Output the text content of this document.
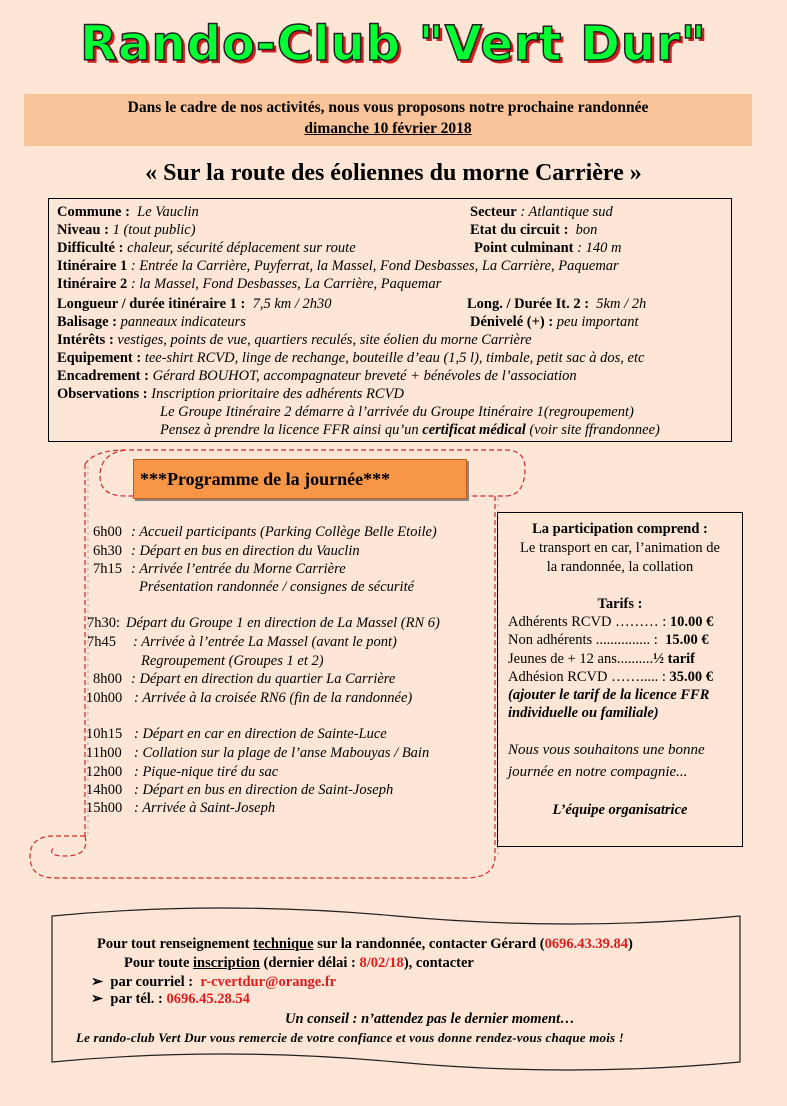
Rando-Club "Vert Dur"
Dans le cadre de nos activités, nous vous proposons notre prochaine randonnée
dimanche 10 février 2018
« Sur la route des éoliennes du morne Carrière »
Commune : Le Vauclin	Secteur : Atlantique sud
Niveau : 1 (tout public)	Etat du circuit : bon
Difficulté : chaleur, sécurité déplacement sur route	Point culminant : 140 m
Itinéraire 1 : Entrée la Carrière, Puyferrat, la Massel, Fond Desbasses, La Carrière, Paquemar
Itinéraire 2 : la Massel, Fond Desbasses, La Carrière, Paquemar
Longueur / durée itinéraire 1 : 7,5 km / 2h30	Long. / Durée It. 2 : 5km / 2h
Balisage : panneaux indicateurs	Dénivelé (+) : peu important
Intérêts : vestiges, points de vue, quartiers reculés, site éolien du morne Carrière
Equipement : tee-shirt RCVD, linge de rechange, bouteille d’eau (1,5 l), timbale, petit sac à dos, etc
Encadrement : Gérard BOUHOT, accompagnateur breveté + bénévoles de l’association
Observations : Inscription prioritaire des adhérents RCVD
Le Groupe Itinéraire 2 démarre à l’arrivée du Groupe Itinéraire 1(regroupement)
Pensez à prendre la licence FFR ainsi qu’un certificat médical (voir site ffrandonnee)
***Programme de la journée***
6h00 : Accueil participants (Parking Collège Belle Etoile)
6h30 : Départ en bus en direction du Vauclin
7h15 : Arrivée l’entrée du Morne Carrière
Présentation randonnée / consignes de sécurité
7h30: Départ du Groupe 1 en direction de La Massel (RN 6)
7h45 : Arrivée à l’entrée La Massel (avant le pont)
Regroupement (Groupes 1 et 2)
8h00 : Départ en direction du quartier La Carrière
10h00 : Arrivée à la croisée RN6 (fin de la randonnée)
10h15 : Départ en car en direction de Sainte-Luce
11h00 : Collation sur la plage de l’anse Mabouyas / Bain
12h00 : Pique-nique tiré du sac
14h00 : Départ en bus en direction de Saint-Joseph
15h00 : Arrivée à Saint-Joseph
La participation comprend :
Le transport en car, l’animation de
la randonnée, la collation
Tarifs :
Adhérents RCVD ……… : 10.00 €
Non adhérents ............... : 15.00 €
Jeunes de + 12 ans..........½ tarif
Adhésion RCVD ……..... : 35.00 €
(ajouter le tarif de la licence FFR
individuelle ou familiale)
Nous vous souhaitons une bonne
journée en notre compagnie...
L’équipe organisatrice
Pour tout renseignement technique sur la randonnée, contacter Gérard (0696.43.39.84)
Pour toute inscription (dernier délai : 8/02/18), contacter
➢ par courriel : r-cvertdur@orange.fr
➢ par tél. : 0696.45.28.54
Un conseil : n’attendez pas le dernier moment…
Le rando-club Vert Dur vous remercie de votre confiance et vous donne rendez-vous chaque mois !
